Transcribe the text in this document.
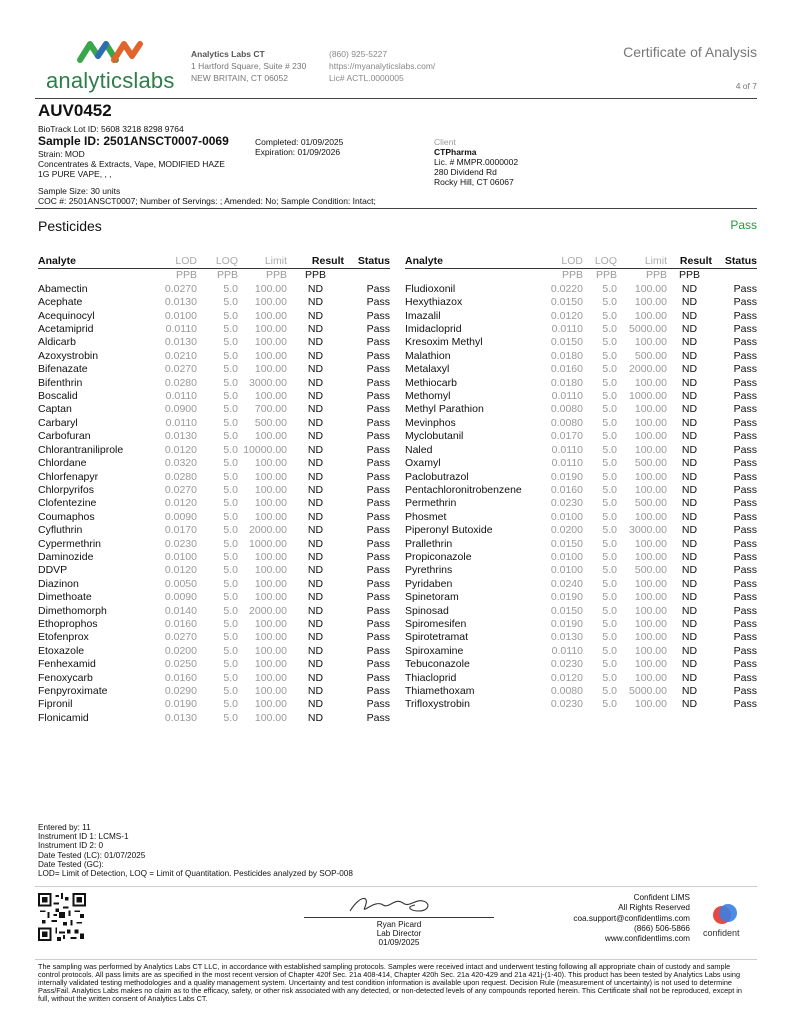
analyticslabs
Analytics Labs CT
1 Hartford Square, Suite # 230
NEW BRITAIN, CT 06052
(860) 925-5227
https://myanalyticslabs.com/
Lic# ACTL.0000005
Certificate of Analysis
4 of 7
AUV0452
BioTrack Lot ID: 5608 3218 8298 9764
Sample ID: 2501ANSCT0007-0069
Strain: MOD
Concentrates & Extracts, Vape, MODIFIED HAZE
1G PURE VAPE, , ,
Completed: 01/09/2025
Expiration: 01/09/2026
Client
CTPharma
Lic. # MMPR.0000002
280 Dividend Rd
Rocky Hill, CT 06067
Sample Size: 30 units
COC #: 2501ANSCT0007; Number of Servings: ; Amended: No; Sample Condition: Intact;
Pesticides	Pass
Analyte	LOD	LOQ	Limit	Result	Status
	PPB	PPB	PPB	PPB	
Abamectin	0.0270	5.0	100.00	ND	Pass
Acephate	0.0130	5.0	100.00	ND	Pass
Acequinocyl	0.0100	5.0	100.00	ND	Pass
Acetamiprid	0.0110	5.0	100.00	ND	Pass
Aldicarb	0.0130	5.0	100.00	ND	Pass
Azoxystrobin	0.0210	5.0	100.00	ND	Pass
Bifenazate	0.0270	5.0	100.00	ND	Pass
Bifenthrin	0.0280	5.0	3000.00	ND	Pass
Boscalid	0.0110	5.0	100.00	ND	Pass
Captan	0.0900	5.0	700.00	ND	Pass
Carbaryl	0.0110	5.0	500.00	ND	Pass
Carbofuran	0.0130	5.0	100.00	ND	Pass
Chlorantraniliprole	0.0120	5.0	10000.00	ND	Pass
Chlordane	0.0320	5.0	100.00	ND	Pass
Chlorfenapyr	0.0280	5.0	100.00	ND	Pass
Chlorpyrifos	0.0270	5.0	100.00	ND	Pass
Clofentezine	0.0120	5.0	100.00	ND	Pass
Coumaphos	0.0090	5.0	100.00	ND	Pass
Cyfluthrin	0.0170	5.0	2000.00	ND	Pass
Cypermethrin	0.0230	5.0	1000.00	ND	Pass
Daminozide	0.0100	5.0	100.00	ND	Pass
DDVP	0.0120	5.0	100.00	ND	Pass
Diazinon	0.0050	5.0	100.00	ND	Pass
Dimethoate	0.0090	5.0	100.00	ND	Pass
Dimethomorph	0.0140	5.0	2000.00	ND	Pass
Ethoprophos	0.0160	5.0	100.00	ND	Pass
Etofenprox	0.0270	5.0	100.00	ND	Pass
Etoxazole	0.0200	5.0	100.00	ND	Pass
Fenhexamid	0.0250	5.0	100.00	ND	Pass
Fenoxycarb	0.0160	5.0	100.00	ND	Pass
Fenpyroximate	0.0290	5.0	100.00	ND	Pass
Fipronil	0.0190	5.0	100.00	ND	Pass
Flonicamid	0.0130	5.0	100.00	ND	Pass
Analyte	LOD	LOQ	Limit	Result	Status
	PPB	PPB	PPB	PPB	
Fludioxonil	0.0220	5.0	100.00	ND	Pass
Hexythiazox	0.0150	5.0	100.00	ND	Pass
Imazalil	0.0120	5.0	100.00	ND	Pass
Imidacloprid	0.0110	5.0	5000.00	ND	Pass
Kresoxim Methyl	0.0150	5.0	100.00	ND	Pass
Malathion	0.0180	5.0	500.00	ND	Pass
Metalaxyl	0.0160	5.0	2000.00	ND	Pass
Methiocarb	0.0180	5.0	100.00	ND	Pass
Methomyl	0.0110	5.0	1000.00	ND	Pass
Methyl Parathion	0.0080	5.0	100.00	ND	Pass
Mevinphos	0.0080	5.0	100.00	ND	Pass
Myclobutanil	0.0170	5.0	100.00	ND	Pass
Naled	0.0110	5.0	100.00	ND	Pass
Oxamyl	0.0110	5.0	500.00	ND	Pass
Paclobutrazol	0.0190	5.0	100.00	ND	Pass
Pentachloronitrobenzene	0.0160	5.0	100.00	ND	Pass
Permethrin	0.0230	5.0	500.00	ND	Pass
Phosmet	0.0100	5.0	100.00	ND	Pass
Piperonyl Butoxide	0.0200	5.0	3000.00	ND	Pass
Prallethrin	0.0150	5.0	100.00	ND	Pass
Propiconazole	0.0100	5.0	100.00	ND	Pass
Pyrethrins	0.0100	5.0	500.00	ND	Pass
Pyridaben	0.0240	5.0	100.00	ND	Pass
Spinetoram	0.0190	5.0	100.00	ND	Pass
Spinosad	0.0150	5.0	100.00	ND	Pass
Spiromesifen	0.0190	5.0	100.00	ND	Pass
Spirotetramat	0.0130	5.0	100.00	ND	Pass
Spiroxamine	0.0110	5.0	100.00	ND	Pass
Tebuconazole	0.0230	5.0	100.00	ND	Pass
Thiacloprid	0.0120	5.0	100.00	ND	Pass
Thiamethoxam	0.0080	5.0	5000.00	ND	Pass
Trifloxystrobin	0.0230	5.0	100.00	ND	Pass
Entered by: 11
Instrument ID 1: LCMS-1
Instrument ID 2: 0
Date Tested (LC): 01/07/2025
Date Tested (GC):
LOD= Limit of Detection, LOQ = Limit of Quantitation. Pesticides analyzed by SOP-008
Ryan Picard
Lab Director
01/09/2025
Confident LIMS
All Rights Reserved
coa.support@confidentlims.com
(866) 506-5866
www.confidentlims.com
confident
The sampling was performed by Analytics Labs CT LLC, in accordance with established sampling protocols. Samples were received intact and underwent testing following all appropriate chain of custody and sample control protocols. All pass limits are as specified in the most recent version of Chapter 420f Sec. 21a 408-414, Chapter 420h Sec. 21a 420-429 and 21a 421j-(1-40). This product has been tested by Analytics Labs using internally validated testing methodologies and a quality management system. Uncertainty and test condition information is available upon request. Decision Rule (measurement of uncertainty) is not used to determine Pass/Fail. Analytics Labs makes no claim as to the efficacy, safety, or other risk associated with any detected, or non-detected levels of any compounds reported herein. This Certificate shall not be reproduced, except in full, without the written consent of Analytics Labs CT.
